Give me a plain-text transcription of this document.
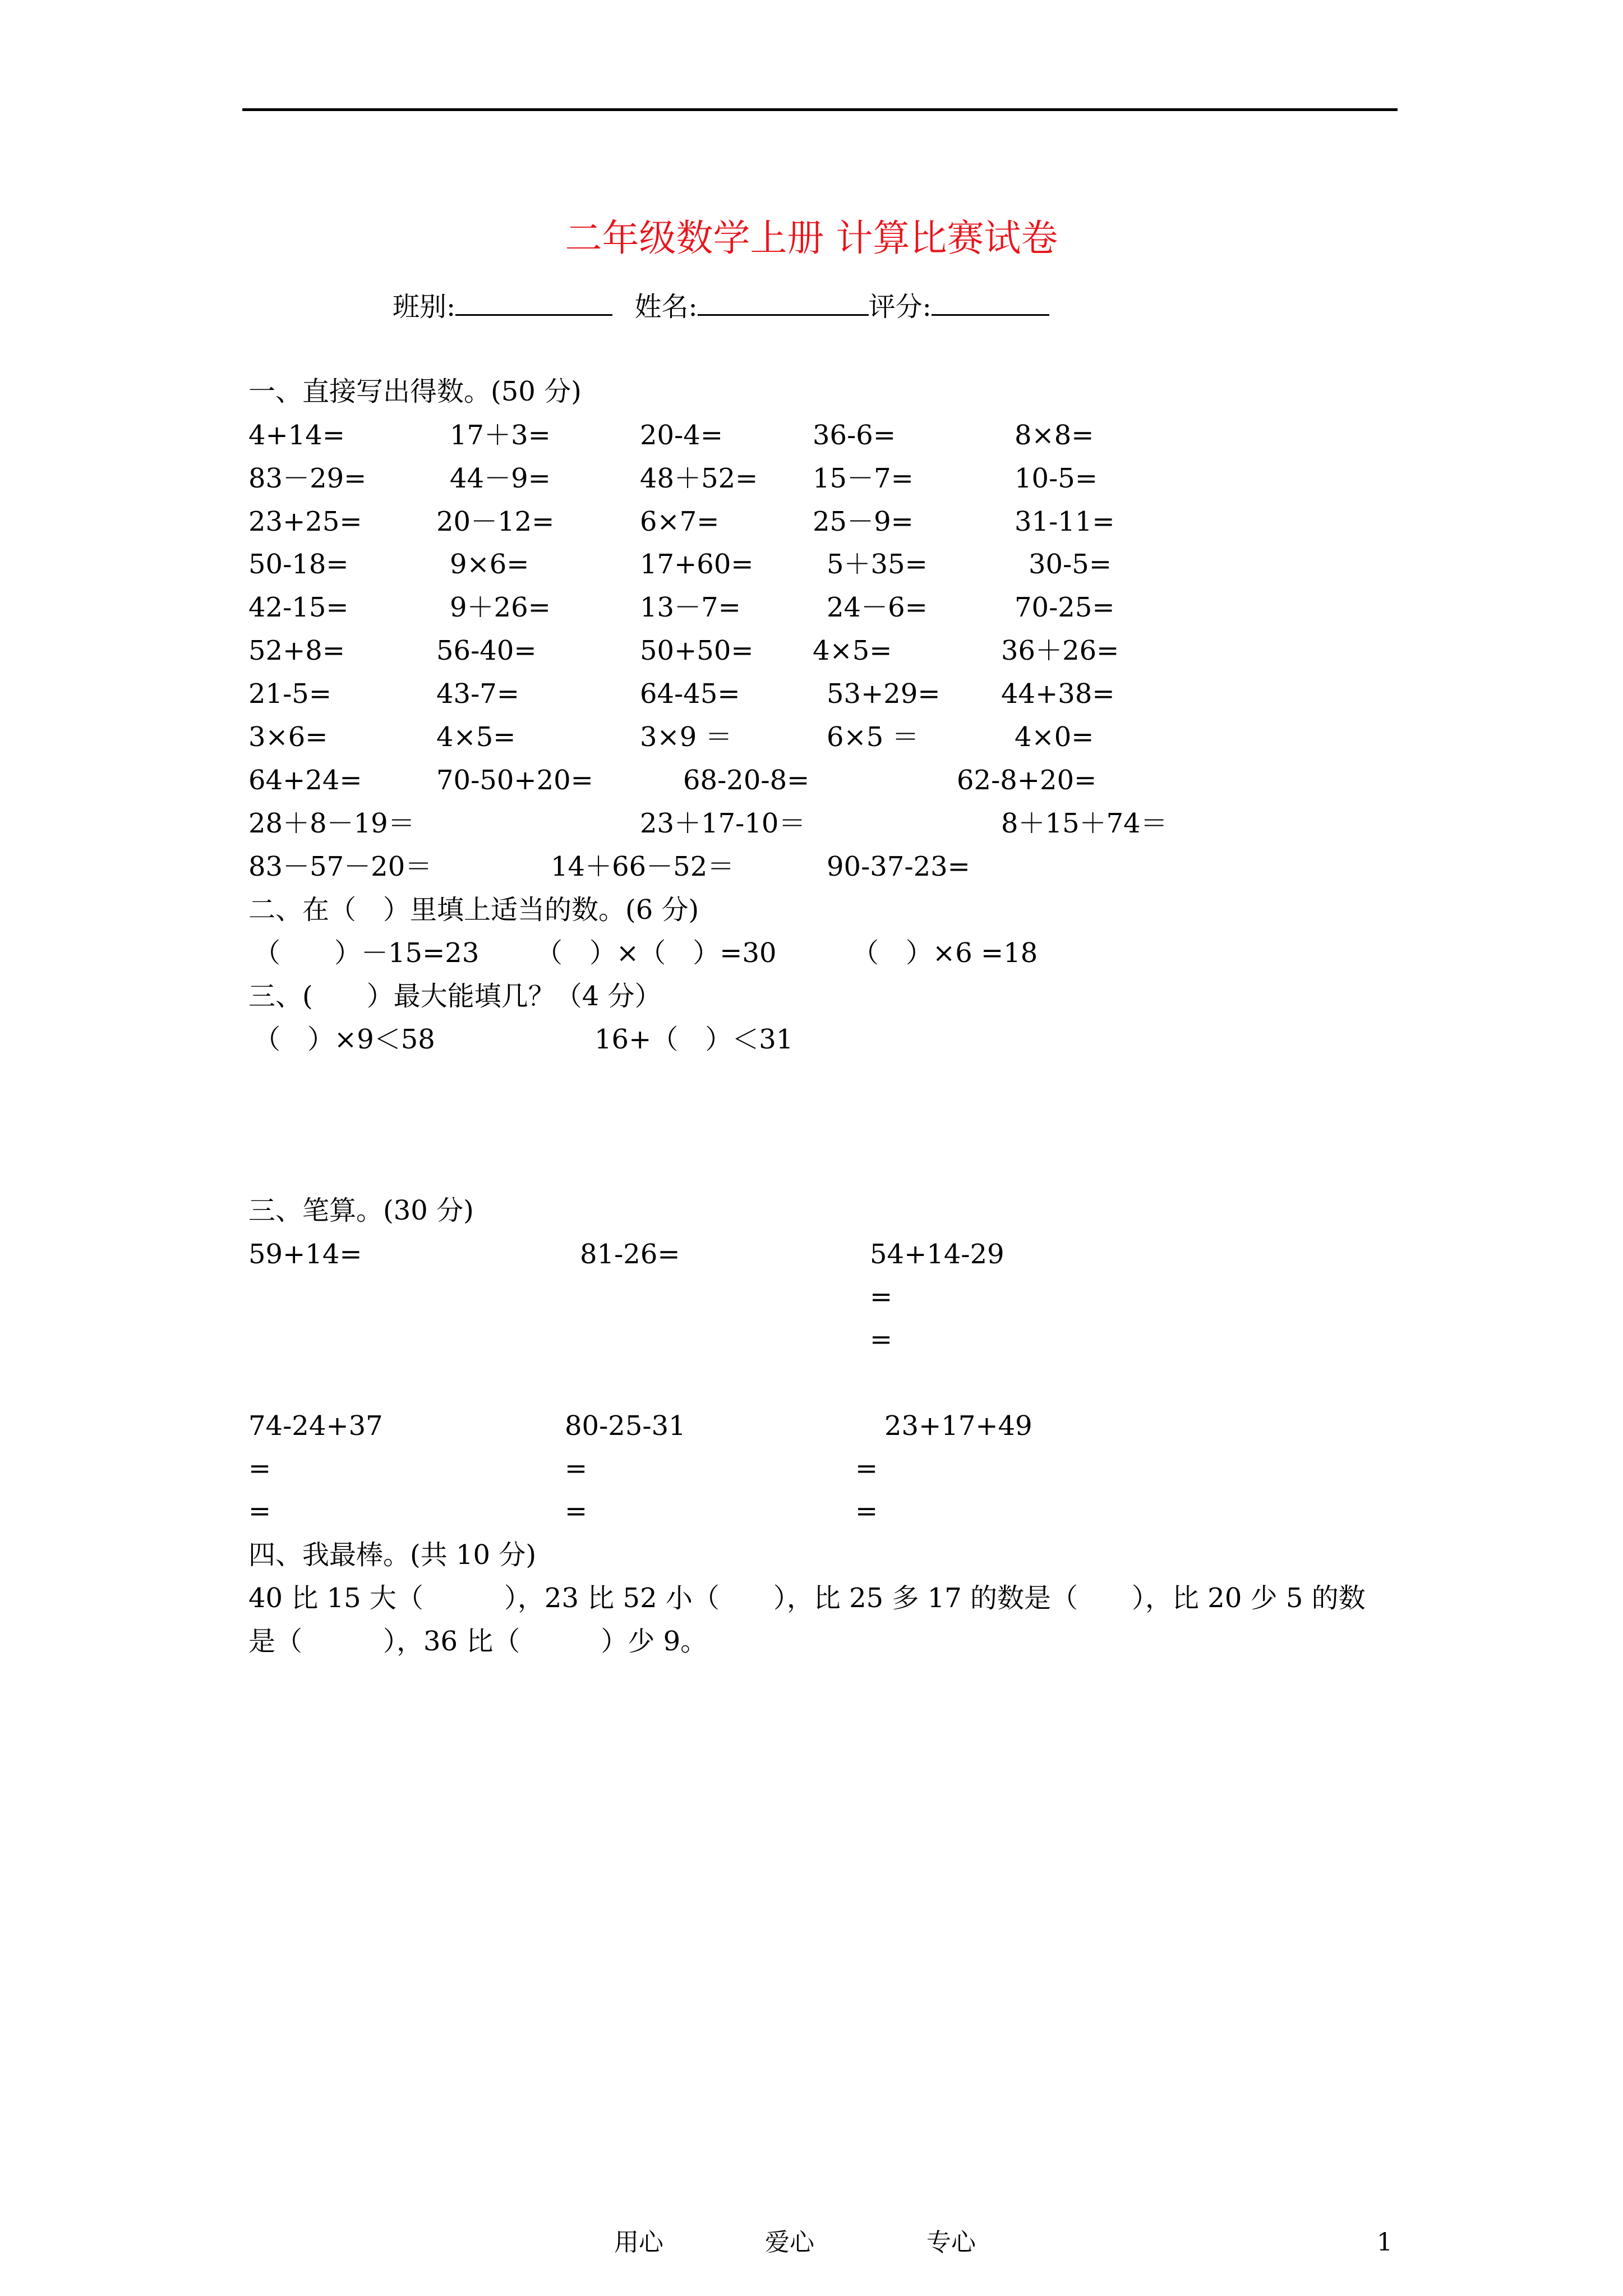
二年级数学上册 计算比赛试卷
班别:	姓名:	评分:
一、直接写出得数。(50 分)
4+14=	17＋3=	20-4=	36-6=	8×8=
83－29=	44－9=	48＋52= 15－7=	10-5=
23+25=	20－12=	6×7=	25－9=	31-11=
50-18=	9×6=	17+60=	5＋35=	30-5=
42-15=	9＋26=	13－7=	24－6=	70-25=
52+8=	56-40=	50+50= 4×5=	36＋26=
21-5=	43-7=	64-45=	53+29= 44+38=
3×6=	4×5=	3×9 ＝	6×5 ＝	4×0=
64+24=	70-50+20=	68-20-8=	62-8+20=
28＋8－19＝	23＋17-10＝	8＋15＋74＝
83－57－20＝	14＋66－52＝	90-37-23=
二、在（　）里填上适当的数。(6 分)
（　　）－15=23 （　）×（　）=30	（　）×6 =18
三、(　　）最大能填几？（4 分）
（　）×9＜58	16+（　）＜31
三、笔算。(30 分)
59+14=	81-26=	54+14-29
=
=
74-24+37	80-25-31	23+17+49
=	=	=
=	=	=
四、我最棒。(共 10 分)
40 比 15 大（　　　），23 比 52 小（　　），比 25 多 17 的数是（　　），比 20 少 5 的数
是（　　　），36 比（　　　）少 9。
用心	爱心	专心	1
